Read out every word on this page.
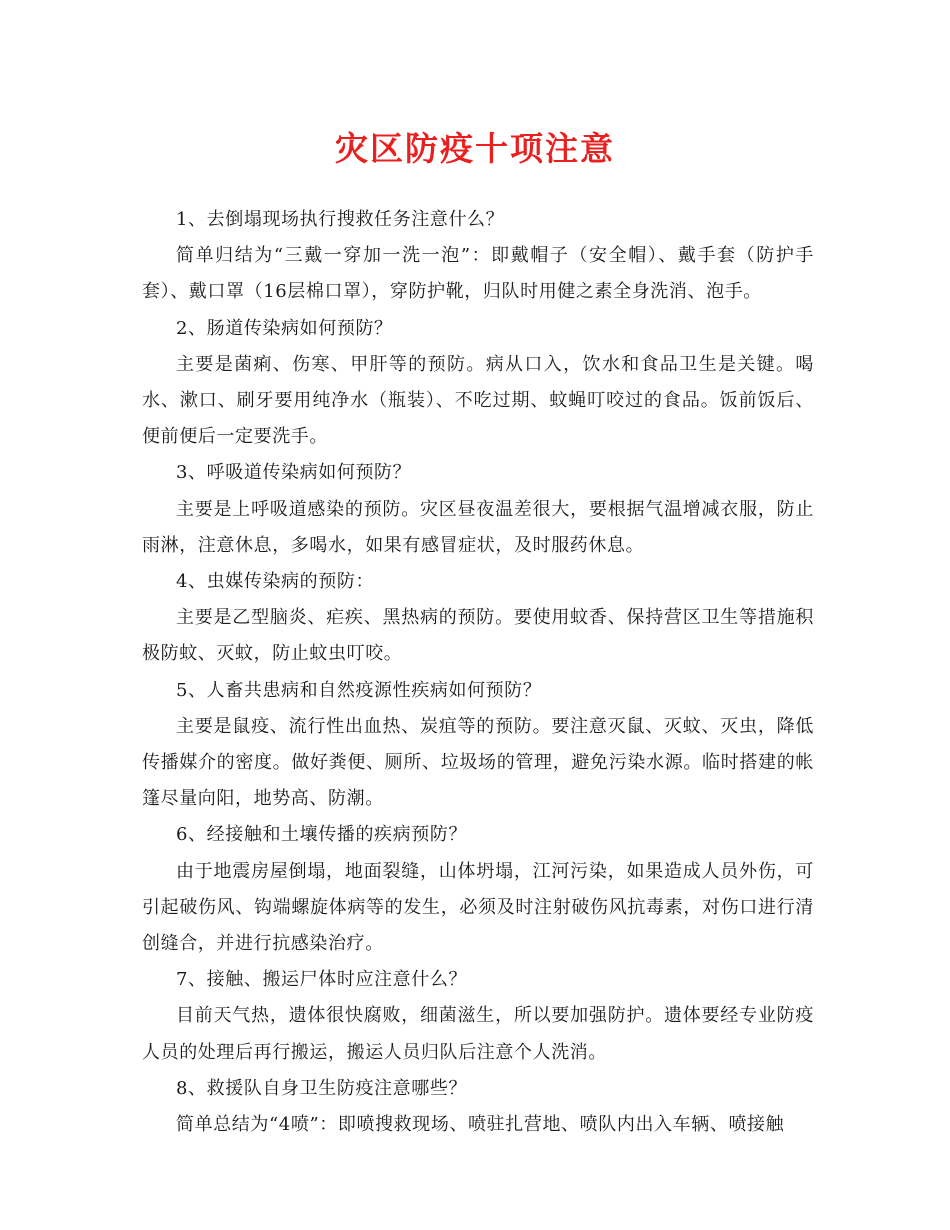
灾区防疫十项注意

1、去倒塌现场执行搜救任务注意什么？

简单归结为“三戴一穿加一洗一泡”：即戴帽子（安全帽）、戴手套（防护手套）、戴口罩（16层棉口罩），穿防护靴，归队时用健之素全身洗消、泡手。

2、肠道传染病如何预防？

主要是菌痢、伤寒、甲肝等的预防。病从口入，饮水和食品卫生是关键。喝水、漱口、刷牙要用纯净水（瓶装）、不吃过期、蚊蝇叮咬过的食品。饭前饭后、便前便后一定要洗手。

3、呼吸道传染病如何预防？

主要是上呼吸道感染的预防。灾区昼夜温差很大，要根据气温增减衣服，防止雨淋，注意休息，多喝水，如果有感冒症状，及时服药休息。

4、虫媒传染病的预防：

主要是乙型脑炎、疟疾、黑热病的预防。要使用蚊香、保持营区卫生等措施积极防蚊、灭蚊，防止蚊虫叮咬。

5、人畜共患病和自然疫源性疾病如何预防？

主要是鼠疫、流行性出血热、炭疽等的预防。要注意灭鼠、灭蚊、灭虫，降低传播媒介的密度。做好粪便、厕所、垃圾场的管理，避免污染水源。临时搭建的帐篷尽量向阳，地势高、防潮。

6、经接触和土壤传播的疾病预防？

由于地震房屋倒塌，地面裂缝，山体坍塌，江河污染，如果造成人员外伤，可引起破伤风、钩端螺旋体病等的发生，必须及时注射破伤风抗毒素，对伤口进行清创缝合，并进行抗感染治疗。

7、接触、搬运尸体时应注意什么？

目前天气热，遗体很快腐败，细菌滋生，所以要加强防护。遗体要经专业防疫人员的处理后再行搬运，搬运人员归队后注意个人洗消。

8、救援队自身卫生防疫注意哪些？

简单总结为“4喷”：即喷搜救现场、喷驻扎营地、喷队内出入车辆、喷接触
